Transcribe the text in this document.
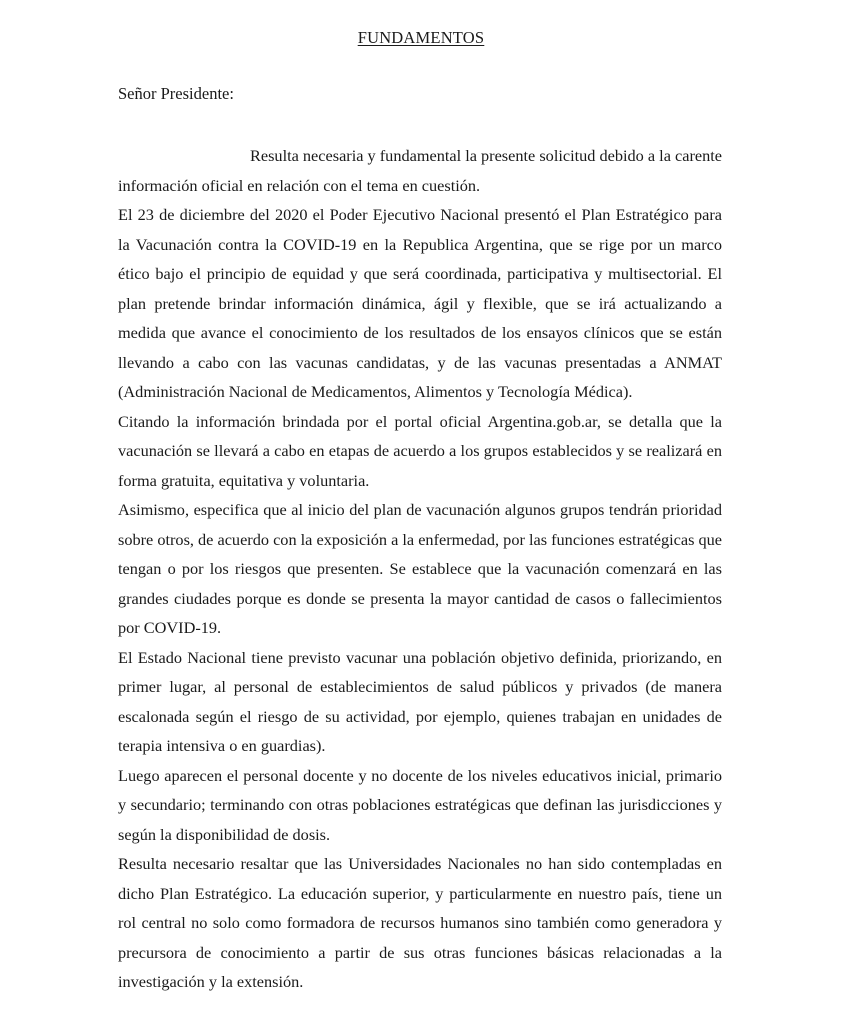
FUNDAMENTOS
Señor Presidente:

Resulta necesaria y fundamental la presente solicitud debido a la carente información oficial en relación con el tema en cuestión.

El 23 de diciembre del 2020 el Poder Ejecutivo Nacional presentó el Plan Estratégico para la Vacunación contra la COVID-19 en la Republica Argentina, que se rige por un marco ético bajo el principio de equidad y que será coordinada, participativa y multisectorial. El plan pretende brindar información dinámica, ágil y flexible, que se irá actualizando a medida que avance el conocimiento de los resultados de los ensayos clínicos que se están llevando a cabo con las vacunas candidatas, y de las vacunas presentadas a ANMAT (Administración Nacional de Medicamentos, Alimentos y Tecnología Médica).

Citando la información brindada por el portal oficial Argentina.gob.ar, se detalla que la vacunación se llevará a cabo en etapas de acuerdo a los grupos establecidos y se realizará en forma gratuita, equitativa y voluntaria.

Asimismo, especifica que al inicio del plan de vacunación algunos grupos tendrán prioridad sobre otros, de acuerdo con la exposición a la enfermedad, por las funciones estratégicas que tengan o por los riesgos que presenten. Se establece que la vacunación comenzará en las grandes ciudades porque es donde se presenta la mayor cantidad de casos o fallecimientos por COVID-19.

El Estado Nacional tiene previsto vacunar una población objetivo definida, priorizando, en primer lugar, al personal de establecimientos de salud públicos y privados (de manera escalonada según el riesgo de su actividad, por ejemplo, quienes trabajan en unidades de terapia intensiva o en guardias).

Luego aparecen el personal docente y no docente de los niveles educativos inicial, primario y secundario; terminando con otras poblaciones estratégicas que definan las jurisdicciones y según la disponibilidad de dosis.

Resulta necesario resaltar que las Universidades Nacionales no han sido contempladas en dicho Plan Estratégico. La educación superior, y particularmente en nuestro país, tiene un rol central no solo como formadora de recursos humanos sino también como generadora y precursora de conocimiento a partir de sus otras funciones básicas relacionadas a la investigación y la extensión.
